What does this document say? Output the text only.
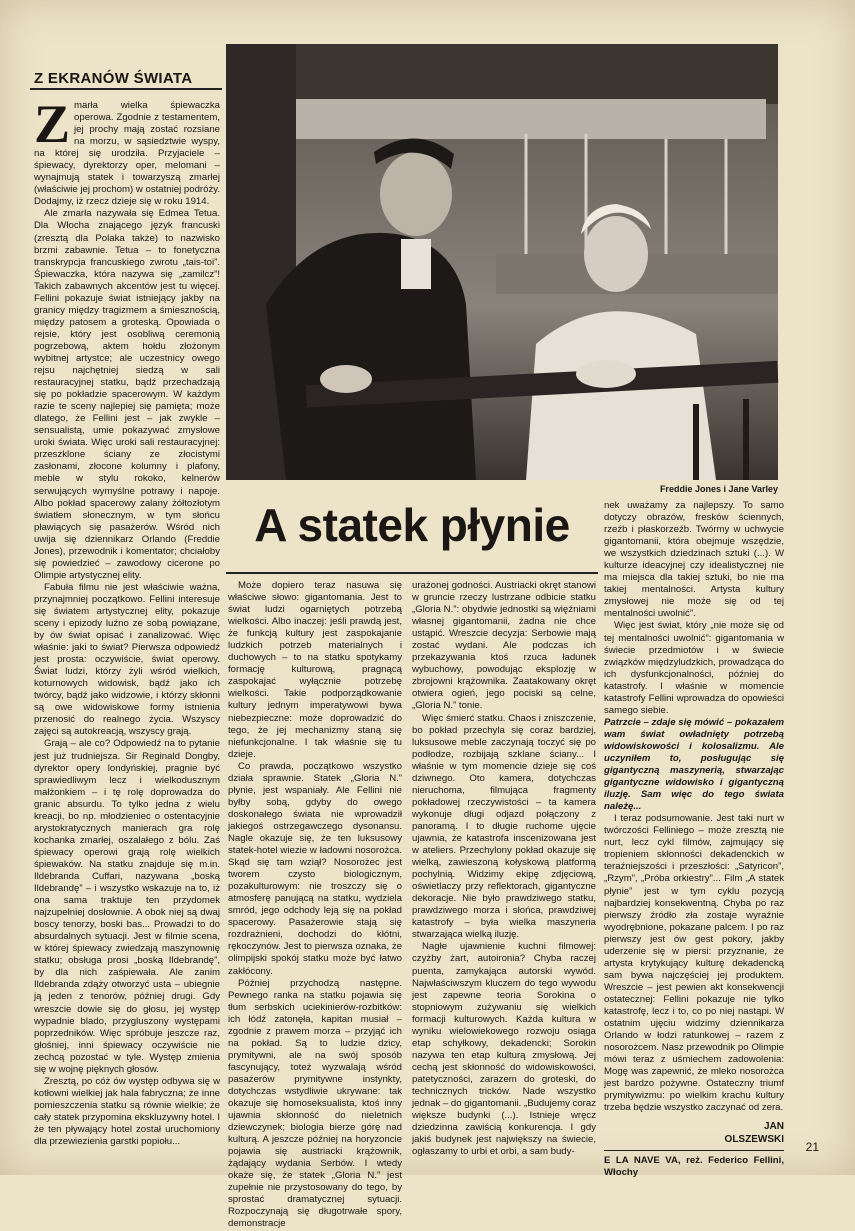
Z EKRANÓW ŚWIATA
Z marła wielka śpiewaczka operowa. Zgodnie z testamentem, jej prochy mają zostać rozsiane na morzu, w sąsiedztwie wyspy, na której się urodziła. Przyjaciele – śpiewacy, dyrektorzy oper, melomani – wynajmują statek i towarzyszą zmarłej (właściwie jej prochom) w ostatniej podróży. Dodajmy, iż rzecz dzieje się w roku 1914.

Ale zmarła nazywała się Edmea Tetua. Dla Włocha znającego język francuski (zresztą dla Polaka także) to nazwisko brzmi zabawnie. Tetua – to fonetyczna transkrypcja francuskiego zwrotu „tais-toi”. Śpiewaczka, która nazywa się „zamilcz”! Takich zabawnych akcentów jest tu więcej. Fellini pokazuje świat istniejący jakby na granicy między tragizmem a śmiesznością, między patosem a groteską. Opowiada o rejsie, który jest osobliwą ceremonią pogrzebową, aktem hołdu złożonym wybitnej artystce; ale uczestnicy owego rejsu najchętniej siedzą w sali restauracyjnej statku, bądź przechadzają się po pokładzie spacerowym. W każdym razie te sceny najlepiej się pamięta; może dlatego, że Fellini jest – jak zwykle – sensualistą, umie pokazywać zmysłowe uroki świata. Więc uroki sali restauracyjnej: przeszklone ściany ze złocistymi zasłonami, złocone kolumny i plafony, meble w stylu rokoko, kelnerów serwujących wymyślne potrawy i napoje. Albo pokład spacerowy zalany żółtozłotym światłem słonecznym, w tym słońcu pławiących się pasażerów. Wśród nich uwija się dziennikarz Orlando (Freddie Jones), przewodnik i komentator; chciałoby się powiedzieć – zawodowy cicerone po Olimpie artystycznej elity.

Fabuła filmu nie jest właściwie ważna, przynajmniej początkowo. Fellini interesuje się światem artystycznej elity, pokazuje sceny i epizody luźno ze sobą powiązane, by ów świat opisać i zanalizować. Więc właśnie: jaki to świat? Pierwsza odpowiedź jest prosta: oczywiście, świat operowy. Świat ludzi, którzy żyli wśród wielkich, koturnowych widowisk, bądź jako ich twórcy, bądź jako widzowie, i którzy skłonni są owe widowiskowe formy istnienia przenosić do realnego życia. Wszyscy zajęci są autokreacją, wszyscy grają.

Grają – ale co? Odpowiedź na to pytanie jest już trudniejsza. Sir Reginald Dongby, dyrektor opery londyńskiej, pragnie być sprawiedliwym lecz i wielkodusznym małżonkiem – i tę rolę doprowadza do granic absurdu. To tylko jedna z wielu kreacji, bo np. młodzieniec o ostentacyjnie arystokratycznych manierach gra rolę kochanka zmarłej, oszalałego z bólu. Zaś śpiewacy operowi grają rolę wielkich śpiewaków. Na statku znajduje się m.in. Ildebranda Cuffari, nazywana „boską Ildebrandę” – i wszystko wskazuje na to, iż ona sama traktuje ten przydomek najzupełniej dosłownie. A obok niej są dwaj boscy tenorzy, boski bas... Prowadzi to do absurdalnych sytuacji. Jest w filmie scena, w której śpiewacy zwiedzają maszynownię statku; obsługa prosi „boską Ildebrandę”, by dla nich zaśpiewała. Ale zanim Ildebranda zdąży otworzyć usta – ubiegnie ją jeden z tenorów, później drugi. Gdy wreszcie dowie się do głosu, jej występ wypadnie blado, przygluszony występami poprzedników. Więc spróbuje jeszcze raz, głośniej, inni śpiewacy oczywiście nie zechcą pozostać w tyle. Występ zmienia się w wojnę pięknych głosów.

Zresztą, po cóż ów występ odbywa się w kotłowni wielkiej jak hala fabryczna; że inne pomieszczenia statku są równie wielkie; że cały statek przypomina ekskluzywny hotel. I że ten pływający hotel został uruchomiony dla przewiezienia garstki popiołu...

Freddie Jones i Jane Varley
A statek płynie

Może dopiero teraz nasuwa się właściwe słowo: gigantomania. Jest to świat ludzi ogarniętych potrzebą wielkości. Albo inaczej: jeśli prawdą jest, że funkcją kultury jest zaspokajanie ludzkich potrzeb materialnych i duchowych – to na statku spotykamy formację kulturową, pragnącą zaspokajać wyłącznie potrzebę wielkości. Takie podporządkowanie kultury jednym imperatywowi bywa niebezpieczne: może doprowadzić do tego, że jej mechanizmy staną się niefunkcjonalne. I tak właśnie się tu dzieje.

Co prawda, początkowo wszystko działa sprawnie. Statek „Gloria N.” płynie, jest wspaniały. Ale Fellini nie byłby sobą, gdyby do owego doskonałego świata nie wprowadził jakiegoś ostrzegawczego dysonansu. Nagle okazuje się, że ten luksusowy statek-hotel wiezie w ładowni nosorożca. Skąd się tam wziął? Nosorożec jest tworem czysto biologicznym, pozakulturowym: nie troszczy się o atmosferę panującą na statku, wydziela smród, jego odchody leją się na pokład spacerowy. Pasażerowie stają się rozdrażnieni, dochodzi do kłótni, rękoczynów. Jest to pierwsza oznaka, że olimpijski spokój statku może być łatwo zakłócony.

Później przychodzą następne. Pewnego ranka na statku pojawia się tłum serbskich uciekinierów-rozbitków: ich łódź zatonęła, kapitan musiał – zgodnie z prawem morza – przyjąć ich na pokład. Są to ludzie dzicy, prymitywni, ale na swój sposób fascynujący, toteż wyzwalają wśród pasażerów prymitywne instynkty, dotychczas wstydliwie ukrywane: tak okazuje się homoseksualista, ktoś inny ujawnia skłonność do nieletnich dziewczynek; biologia bierze górę nad kulturą. A jeszcze później na horyzoncie pojawia się austriacki krążownik, żądający wydania Serbów. I wtedy okaże się, że statek „Gloria N.” jest zupełnie nie przystosowany do tego, by sprostać dramatycznej sytuacji. Rozpoczynają się długotrwałe spory, demonstracje

urażonej godności. Austriacki okręt stanowi w gruncie rzeczy lustrzane odbicie statku „Gloria N.”: obydwie jednostki są więźniami własnej gigantomanii, żadna nie chce ustąpić. Wreszcie decyzja: Serbowie mają zostać wydani. Ale podczas ich przekazywania ktoś rzuca ładunek wybuchowy, powodując eksplozję w zbrojowni krążownika. Zaatakowany okręt otwiera ogień, jego pociski są celne, „Gloria N.” tonie.

Więc śmierć statku. Chaos i zniszczenie, bo pokład przechyla się coraz bardziej, luksusowe meble zaczynają toczyć się po podłodze, rozbijają szklane ściany... I właśnie w tym momencie dzieje się coś dziwnego. Oto kamera, dotychczas nieruchoma, filmująca fragmenty pokładowej rzeczywistości – ta kamera wykonuje długi odjazd połączony z panoramą. I to długie ruchome ujęcie ujawnia, że katastrofa inscenizowana jest w ateliers. Przechylony pokład okazuje się wielką, zawieszoną kołyskową platformą pochylnią. Widzimy ekipę zdjęciową, oświetlaczy przy reflektorach, gigantyczne dekoracje. Nie było prawdziwego statku, prawdziwego morza i słońca, prawdziwej katastrofy – była wielka maszyneria stwarzająca wielką iluzję.

Nagłe ujawnienie kuchni filmowej: czyżby żart, autoironia? Chyba raczej puenta, zamykająca autorski wywód. Najwłaściwszym kluczem do tego wywodu jest zapewne teoria Sorokina o stopniowym zużywaniu się wielkich formacji kulturowych. Każda kultura w wyniku wielowiekowego rozwoju osiąga etap schyłkowy, dekadencki; Sorokin nazywa ten etap kulturą zmysłową. Jej cechą jest skłonność do widowiskowości, patetyczności, zarazem do groteski, do technicznych tricków. Nade wszystko jednak – do gigantomanii. „Budujemy coraz większe budynki (...). Istnieje wręcz dziedzinna zawiścią konkurencja. I gdy jakiś budynek jest największy na świecie, ogłaszamy to urbi et orbi, a sam budy-

nek uważamy za najlepszy. To samo dotyczy obrazów, fresków ściennych, rzeźb i płaskorzeźb. Twórmy w uchwycie gigantomanii, która obejmuje wszędzie, we wszystkich dziedzinach sztuki (...). W kulturze ideacyjnej czy idealistycznej nie ma miejsca dla takiej sztuki, bo nie ma takiej mentalności. Artysta kultury zmysłowej nie może się od tej mentalności uwolnić”.

Więc jest świat, który „nie może się od tej mentalności uwolnić”: gigantomania w świecie przedmiotów i w świecie związków międzyludzkich, prowadząca do ich dysfunkcjonalności, później do katastrofy. I właśnie w momencie katastrofy Fellini wprowadza do opowieści samego siebie.

Patrzcie – zdaje się mówić – pokazałem wam świat owładnięty potrzebą widowiskowości i kolosalizmu. Ale uczyniłem to, posługując się gigantyczną maszynerią, stwarzając gigantyczne widowisko i gigantyczną iluzję. Sam więc do tego świata należę...

I teraz podsumowanie. Jest taki nurt w twórczości Felliniego – może zresztą nie nurt, lecz cykl filmów, zajmujący się tropieniem skłonności dekadenckich w teraźniejszości i przeszłości: „Satyricon”, „Rzym”, „Próba orkiestry”... Film „A statek płynie” jest w tym cyklu pozycją najbardziej konsekwentną. Chyba po raz pierwszy źródło zła zostaje wyraźnie wyodrębnione, pokazane palcem. I po raz pierwszy jest ów gest pokory, jakby uderzenie się w piersi: przyznanie, że artysta krytykujący kulturę dekadencką sam bywa najczęściej jej produktem. Wreszcie – jest pewien akt konsekwencji ostatecznej: Fellini pokazuje nie tylko katastrofę, lecz i to, co po niej nastąpi. W ostatnim ujęciu widzimy dziennikarza Orlando w łodzi ratunkowej – razem z nosorożcem. Nasz przewodnik po Olimpie mówi teraz z uśmiechem zadowolenia: Mogę was zapewnić, że mleko nosorożca jest bardzo pożywne. Ostateczny triumf prymitywizmu: po wielkim krachu kultury trzeba będzie wszystko zaczynać od zera.

JAN
OLSZEWSKI
E LA NAVE VA, reż. Federico Fellini, Włochy
21
